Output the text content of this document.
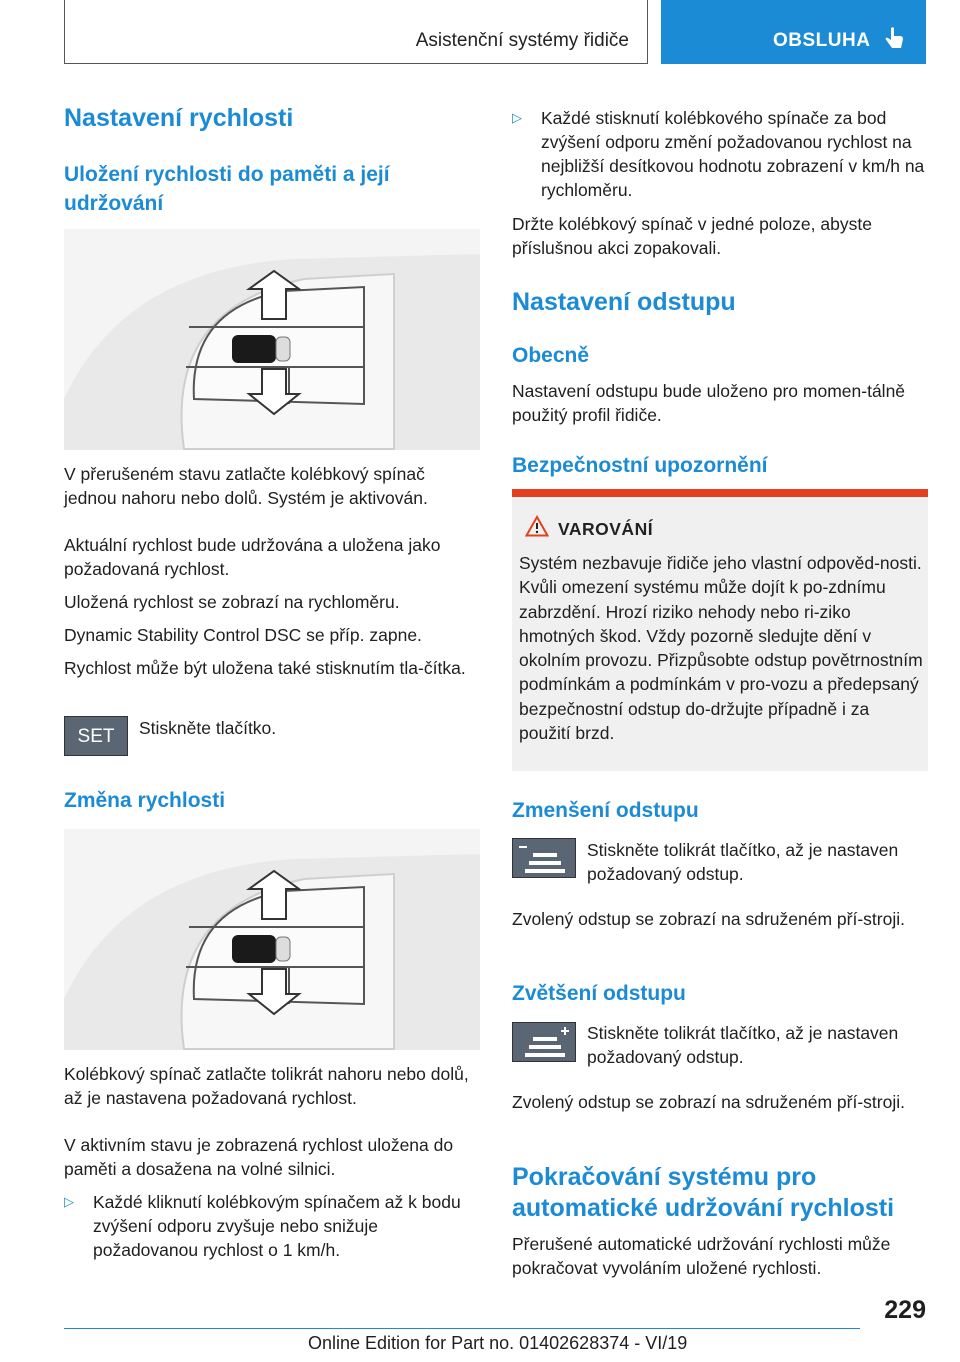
Asistenční systémy řidiče	OBSLUHA
Nastavení rychlosti
Uložení rychlosti do paměti a její udržování

V přerušeném stavu zatlačte kolébkový spínač jednou nahoru nebo dolů. Systém je aktivován.

Aktuální rychlost bude udržována a uložena jako požadovaná rychlost.

Uložená rychlost se zobrazí na rychloměru.

Dynamic Stability Control DSC se příp. zapne.

Rychlost může být uložena také stisknutím tla‐čítka.

SET	Stiskněte tlačítko.
Změna rychlosti

Kolébkový spínač zatlačte tolikrát nahoru nebo dolů, až je nastavena požadovaná rychlost.

V aktivním stavu je zobrazená rychlost uložena do paměti a dosažena na volné silnici.

▷ Každé kliknutí kolébkovým spínačem až k bodu zvýšení odporu zvyšuje nebo snižuje požadovanou rychlost o 1 km/h.
▷ Každé stisknutí kolébkového spínače za bod zvýšení odporu změní požadovanou rychlost na nejbližší desítkovou hodnotu zobrazení v km/h na rychloměru.

Držte kolébkový spínač v jedné poloze, abyste příslušnou akci zopakovali.

Nastavení odstupu
Obecně

Nastavení odstupu bude uloženo pro momen‐tálně použitý profil řidiče.

Bezpečnostní upozornění
VAROVÁNÍ
Systém nezbavuje řidiče jeho vlastní odpověd‐nosti. Kvůli omezení systému může dojít k po‐zdnímu zabrzdění. Hrozí riziko nehody nebo ri‐ziko hmotných škod. Vždy pozorně sledujte dění v okolním provozu. Přizpůsobte odstup povětrnostním podmínkám a podmínkám v pro‐vozu a předepsaný bezpečnostní odstup do‐držujte případně i za použití brzd.
Zmenšení odstupu
Stiskněte tolikrát tlačítko, až je nastaven požadovaný odstup.

Zvolený odstup se zobrazí na sdruženém pří‐stroji.

Zvětšení odstupu
Stiskněte tolikrát tlačítko, až je nastaven požadovaný odstup.

Zvolený odstup se zobrazí na sdruženém pří‐stroji.

Pokračování systému pro automatické udržování rychlosti

Přerušené automatické udržování rychlosti může pokračovat vyvoláním uložené rychlosti.

229
Online Edition for Part no. 01402628374 - VI/19
